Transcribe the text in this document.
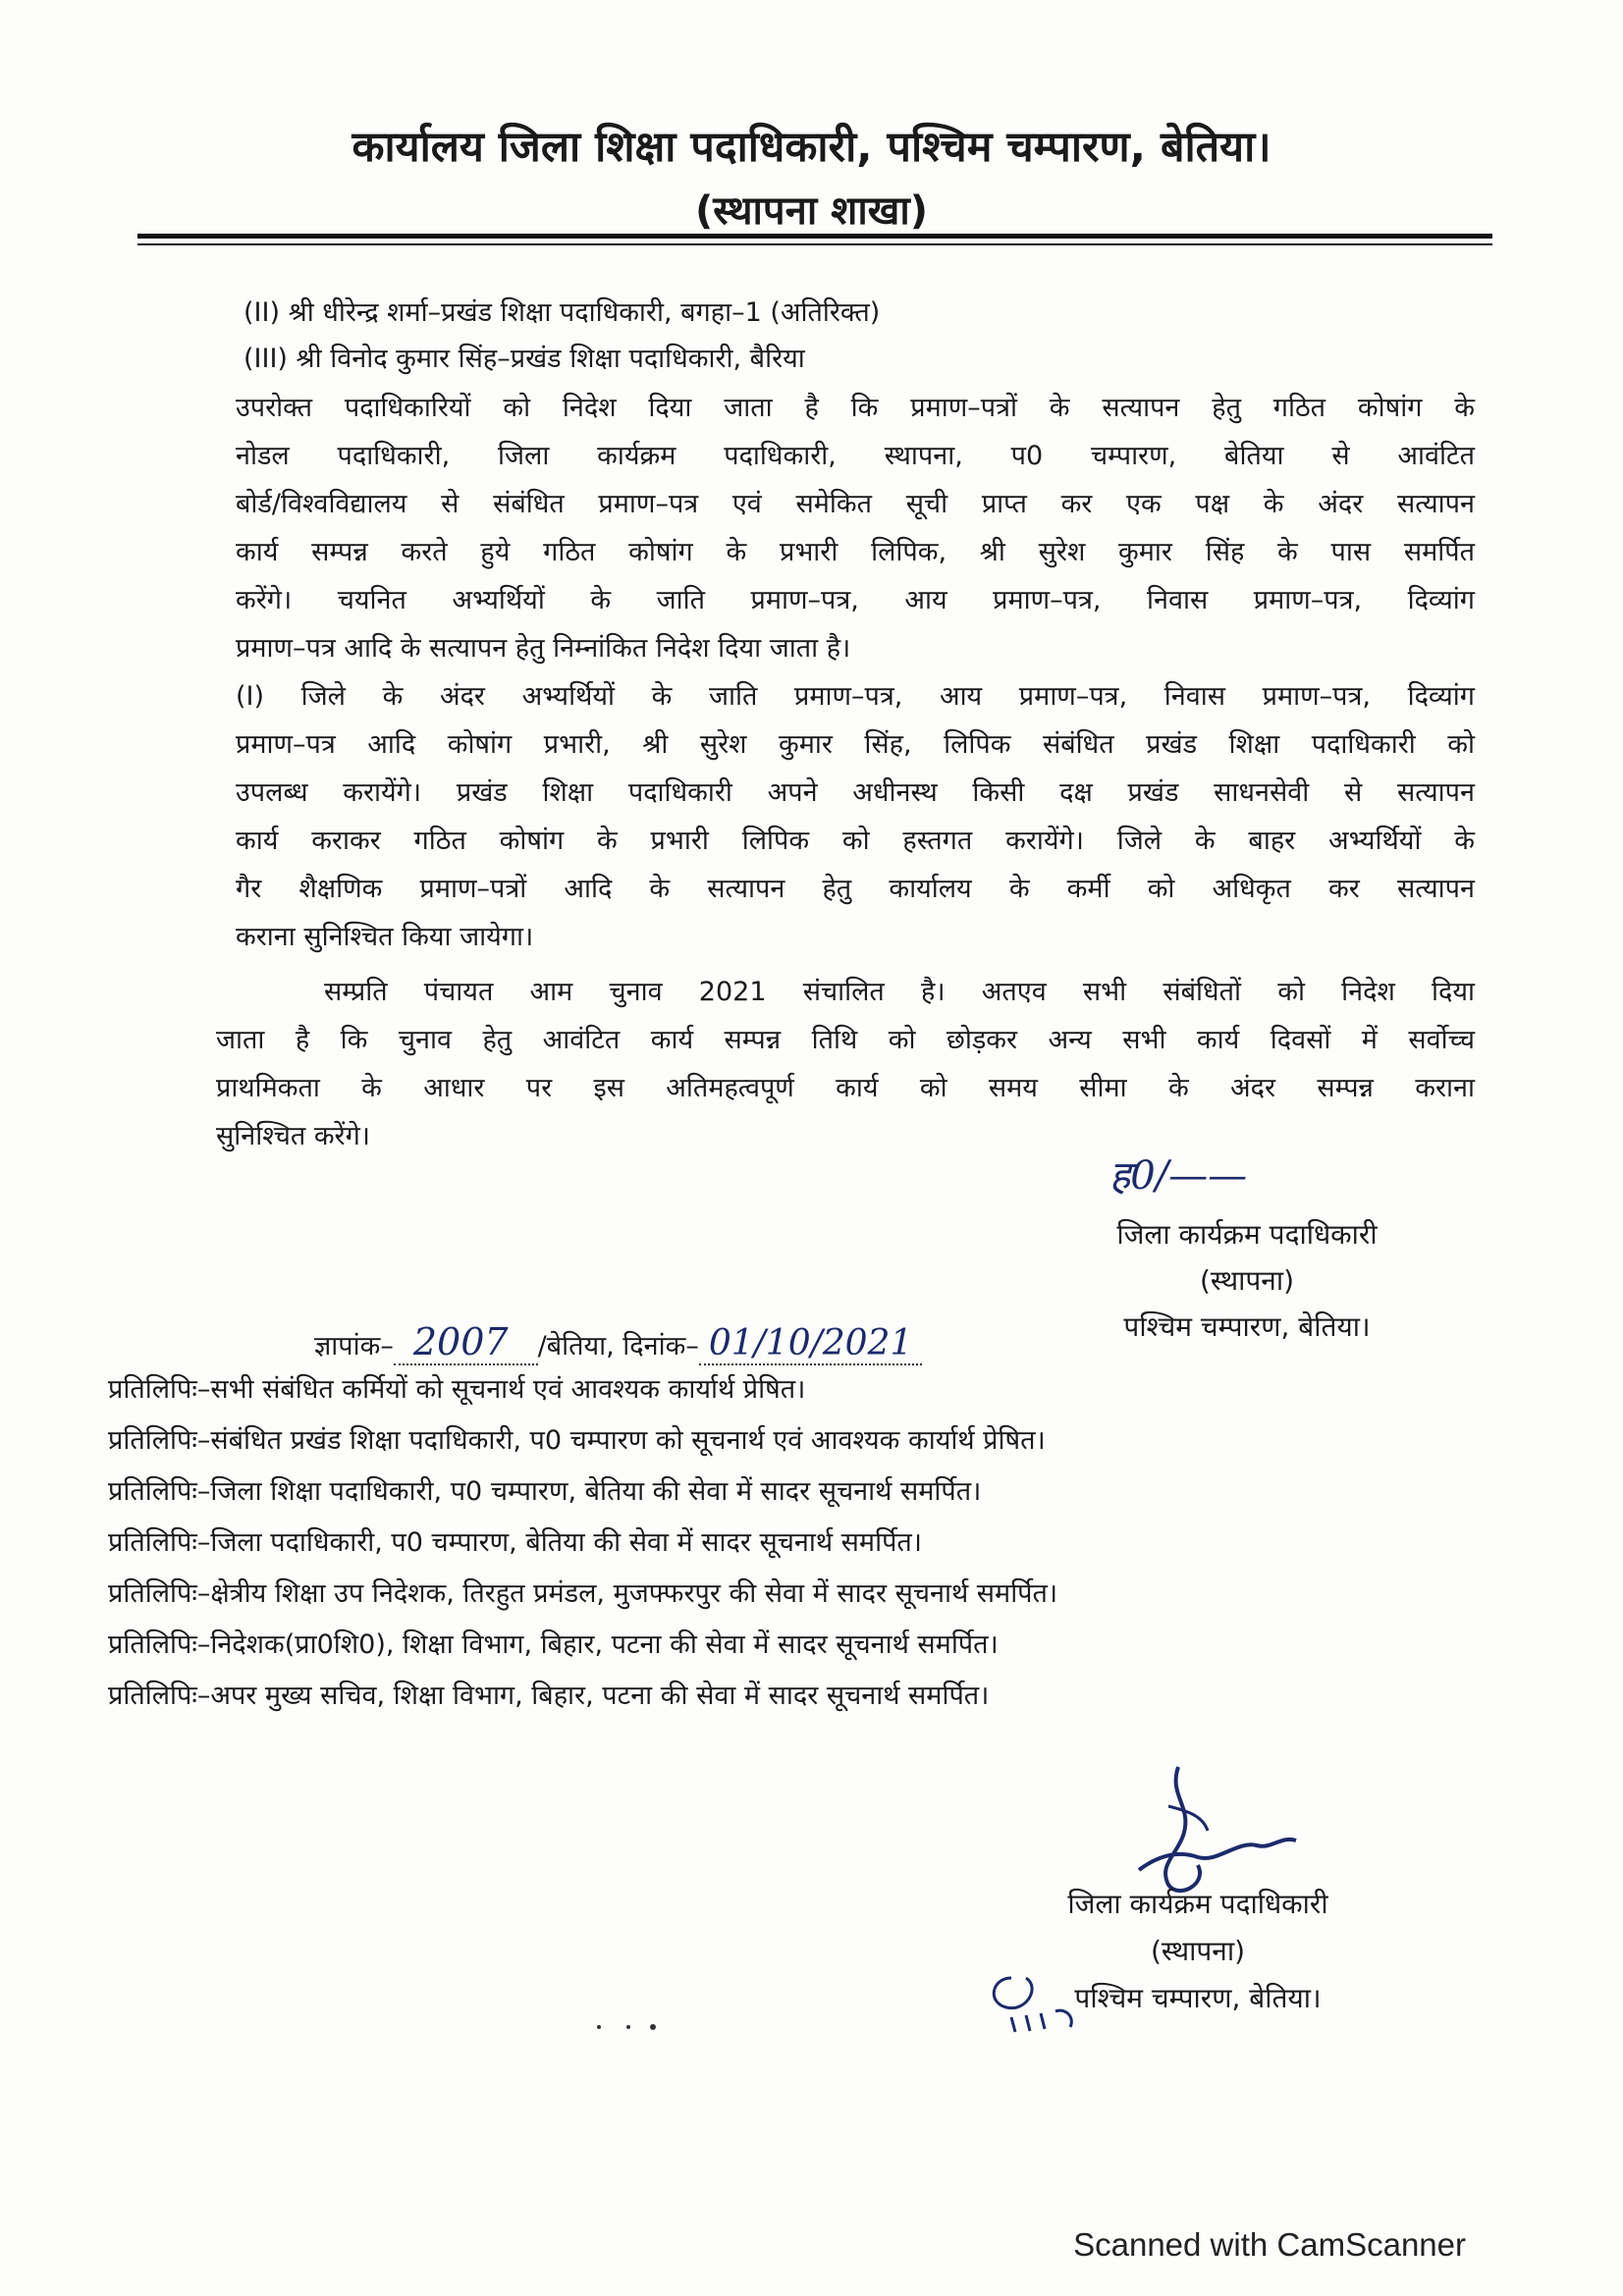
कार्यालय जिला शिक्षा पदाधिकारी, पश्चिम चम्पारण, बेतिया।
(स्थापना शाखा)
(II) श्री धीरेन्द्र शर्मा–प्रखंड शिक्षा पदाधिकारी, बगहा–1 (अतिरिक्त)
(III) श्री विनोद कुमार सिंह–प्रखंड शिक्षा पदाधिकारी, बैरिया
उपरोक्त पदाधिकारियों को निदेश दिया जाता है कि प्रमाण–पत्रों के सत्यापन हेतु गठित कोषांग के
नोडल पदाधिकारी, जिला कार्यक्रम पदाधिकारी, स्थापना, प0 चम्पारण, बेतिया से आवंटित
बोर्ड/विश्वविद्यालय से संबंधित प्रमाण–पत्र एवं समेकित सूची प्राप्त कर एक पक्ष के अंदर सत्यापन
कार्य सम्पन्न करते हुये गठित कोषांग के प्रभारी लिपिक, श्री सुरेश कुमार सिंह के पास समर्पित
करेंगे। चयनित अभ्यर्थियों के जाति प्रमाण–पत्र, आय प्रमाण–पत्र, निवास प्रमाण–पत्र, दिव्यांग
प्रमाण–पत्र आदि के सत्यापन हेतु निम्नांकित निदेश दिया जाता है।
(I) जिले के अंदर अभ्यर्थियों के जाति प्रमाण–पत्र, आय प्रमाण–पत्र, निवास प्रमाण–पत्र, दिव्यांग
प्रमाण–पत्र आदि कोषांग प्रभारी, श्री सुरेश कुमार सिंह, लिपिक संबंधित प्रखंड शिक्षा पदाधिकारी को
उपलब्ध करायेंगे। प्रखंड शिक्षा पदाधिकारी अपने अधीनस्थ किसी दक्ष प्रखंड साधनसेवी से सत्यापन
कार्य कराकर गठित कोषांग के प्रभारी लिपिक को हस्तगत करायेंगे। जिले के बाहर अभ्यर्थियों के
गैर शैक्षणिक प्रमाण–पत्रों आदि के सत्यापन हेतु कार्यालय के कर्मी को अधिकृत कर सत्यापन
कराना सुनिश्चित किया जायेगा।
सम्प्रति पंचायत आम चुनाव 2021 संचालित है। अतएव सभी संबंधितों को निदेश दिया
जाता है कि चुनाव हेतु आवंटित कार्य सम्पन्न तिथि को छोड़कर अन्य सभी कार्य दिवसों में सर्वोच्च
प्राथमिकता के आधार पर इस अतिमहत्वपूर्ण कार्य को समय सीमा के अंदर सम्पन्न कराना
सुनिश्चित करेंगे।
ह0/——
जिला कार्यक्रम पदाधिकारी
(स्थापना)
पश्चिम चम्पारण, बेतिया।
ज्ञापांक– 2007 /बेतिया, दिनांक– 01/10/2021
प्रतिलिपिः–सभी संबंधित कर्मियों को सूचनार्थ एवं आवश्यक कार्यार्थ प्रेषित।
प्रतिलिपिः–संबंधित प्रखंड शिक्षा पदाधिकारी, प0 चम्पारण को सूचनार्थ एवं आवश्यक कार्यार्थ प्रेषित।
प्रतिलिपिः–जिला शिक्षा पदाधिकारी, प0 चम्पारण, बेतिया की सेवा में सादर सूचनार्थ समर्पित।
प्रतिलिपिः–जिला पदाधिकारी, प0 चम्पारण, बेतिया की सेवा में सादर सूचनार्थ समर्पित।
प्रतिलिपिः–क्षेत्रीय शिक्षा उप निदेशक, तिरहुत प्रमंडल, मुजफ्फरपुर की सेवा में सादर सूचनार्थ समर्पित।
प्रतिलिपिः–निदेशक(प्रा0शि0), शिक्षा विभाग, बिहार, पटना की सेवा में सादर सूचनार्थ समर्पित।
प्रतिलिपिः–अपर मुख्य सचिव, शिक्षा विभाग, बिहार, पटना की सेवा में सादर सूचनार्थ समर्पित।
जिला कार्यक्रम पदाधिकारी
(स्थापना)
पश्चिम चम्पारण, बेतिया।
Scanned with CamScanner
